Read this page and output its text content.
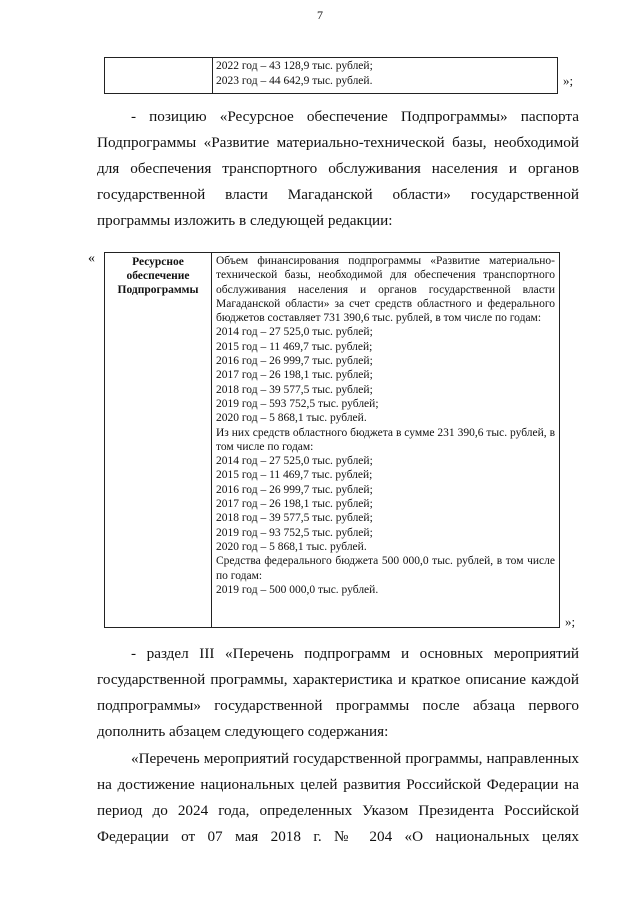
7

2022 год – 43 128,9 тыс. рублей;
2023 год – 44 642,9 тыс. рублей.	»;
- позицию «Ресурсное обеспечение Подпрограммы» паспорта Подпрограммы «Развитие материально-технической базы, необходимой для обеспечения транспортного обслуживания населения и органов государственной власти Магаданской области» государственной программы изложить в следующей редакции:
«	Ресурсное обеспечение Подпрограммы	
Объем финансирования подпрограммы «Развитие материально-технической базы, необходимой для обеспечения транспортного обслуживания населения и органов государственной власти Магаданской области» за счет средств областного и федерального бюджетов составляет 731 390,6 тыс. рублей, в том числе по годам:
2014 год – 27 525,0 тыс. рублей;
2015 год – 11 469,7 тыс. рублей;
2016 год – 26 999,7 тыс. рублей;
2017 год – 26 198,1 тыс. рублей;
2018 год – 39 577,5 тыс. рублей;
2019 год – 593 752,5 тыс. рублей;
2020 год – 5 868,1 тыс. рублей.
Из них средств областного бюджета в сумме 231 390,6 тыс. рублей, в том числе по годам:
2014 год – 27 525,0 тыс. рублей;
2015 год – 11 469,7 тыс. рублей;
2016 год – 26 999,7 тыс. рублей;
2017 год – 26 198,1 тыс. рублей;
2018 год – 39 577,5 тыс. рублей;
2019 год – 93 752,5 тыс. рублей;
2020 год – 5 868,1 тыс. рублей.
Средства федерального бюджета 500 000,0 тыс. рублей, в том числе по годам:
2019 год – 500 000,0 тыс. рублей.
»;
- раздел III «Перечень подпрограмм и основных мероприятий государственной программы, характеристика и краткое описание каждой подпрограммы» государственной программы после абзаца первого дополнить абзацем следующего содержания:
«Перечень мероприятий государственной программы, направленных на достижение национальных целей развития Российской Федерации на период до 2024 года, определенных Указом Президента Российской Федерации от 07 мая 2018 г. № 204 «О национальных целях
